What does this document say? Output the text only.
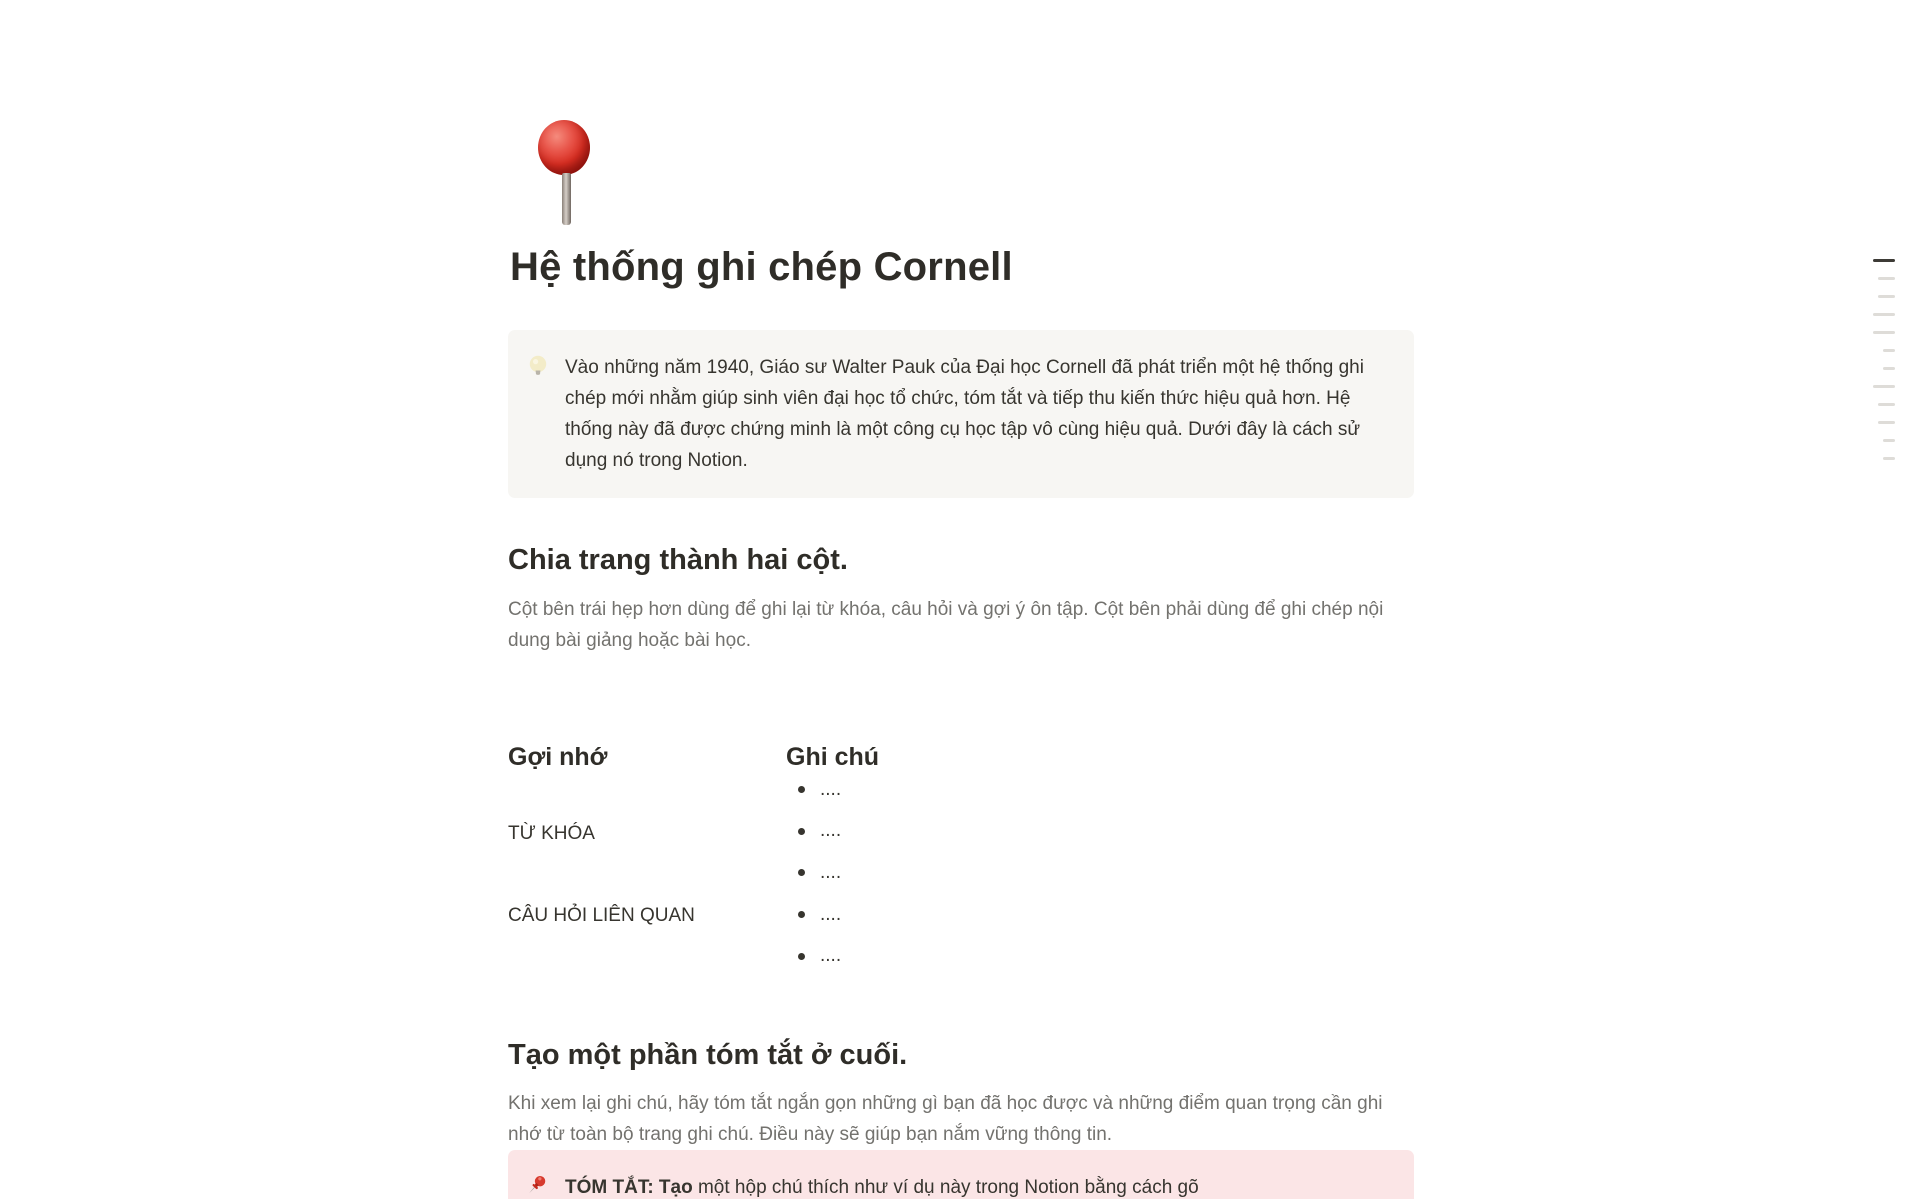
Hệ thống ghi chép Cornell
Vào những năm 1940, Giáo sư Walter Pauk của Đại học Cornell đã phát triển một hệ thống ghi chép mới nhằm giúp sinh viên đại học tổ chức, tóm tắt và tiếp thu kiến thức hiệu quả hơn. Hệ thống này đã được chứng minh là một công cụ học tập vô cùng hiệu quả. Dưới đây là cách sử dụng nó trong Notion.
Chia trang thành hai cột.

Cột bên trái hẹp hơn dùng để ghi lại từ khóa, câu hỏi và gợi ý ôn tập. Cột bên phải dùng để ghi chép nội dung bài giảng hoặc bài học.

Gợi nhớ
TỪ KHÓA
CÂU HỎI LIÊN QUAN
Ghi chú
....
....
....
....
....
Tạo một phần tóm tắt ở cuối.

Khi xem lại ghi chú, hãy tóm tắt ngắn gọn những gì bạn đã học được và những điểm quan trọng cần ghi nhớ từ toàn bộ trang ghi chú. Điều này sẽ giúp bạn nắm vững thông tin.

TÓM TẮT: Tạo một hộp chú thích như ví dụ này trong Notion bằng cách gõ
